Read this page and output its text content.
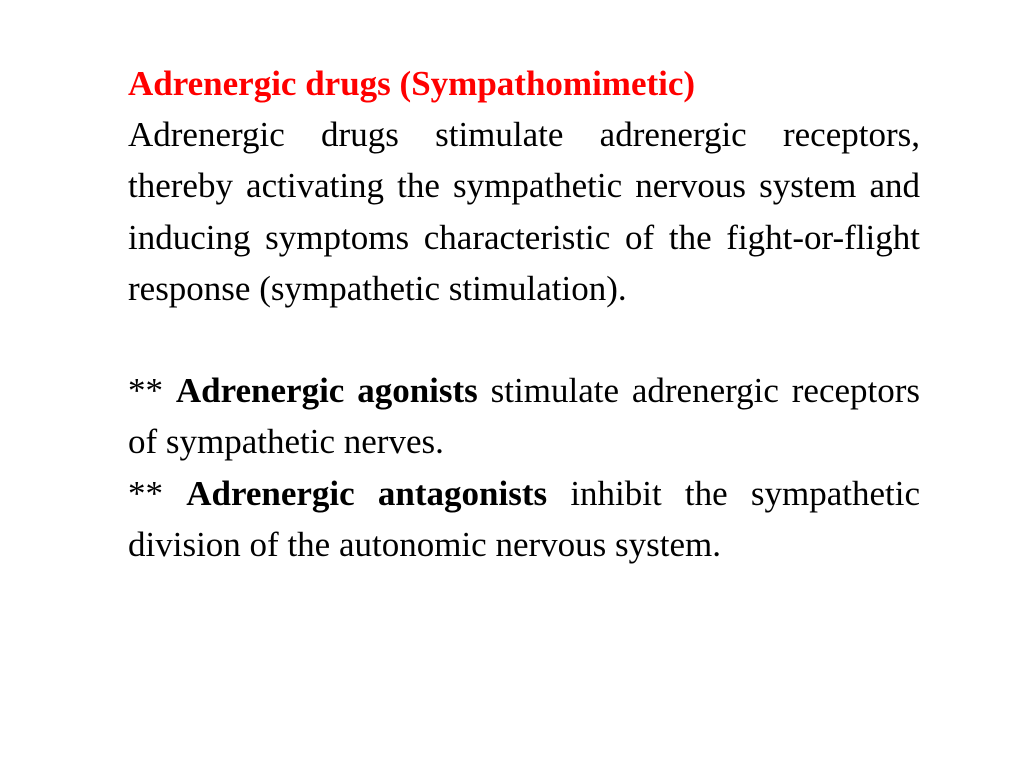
Adrenergic drugs (Sympathomimetic)

Adrenergic drugs stimulate adrenergic receptors, thereby activating the sympathetic nervous system and inducing symptoms characteristic of the fight-or-flight response (sympathetic stimulation).

** Adrenergic agonists stimulate adrenergic receptors of sympathetic nerves.

** Adrenergic antagonists inhibit the sympathetic division of the autonomic nervous system.
